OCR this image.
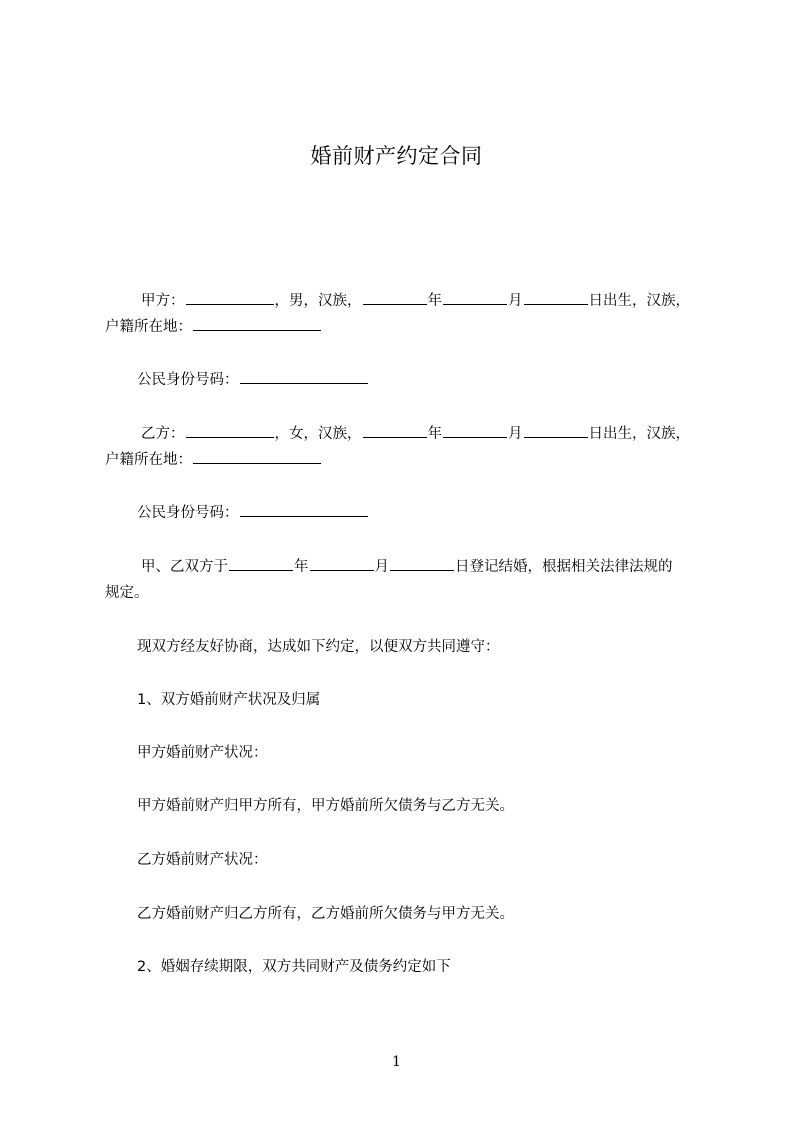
婚前财产约定合同
甲方：	，男，汉族，	年	月	日出生，汉族，
户籍所在地：
公民身份号码：
乙方：	，女，汉族，	年	月	日出生，汉族，
户籍所在地：
公民身份号码：
甲、乙双方于	年	月	日登记结婚，根据相关法律法规的
规定。
现双方经友好协商，达成如下约定，以便双方共同遵守：
1、双方婚前财产状况及归属
甲方婚前财产状况：
甲方婚前财产归甲方所有，甲方婚前所欠债务与乙方无关。
乙方婚前财产状况：
乙方婚前财产归乙方所有，乙方婚前所欠债务与甲方无关。
2、婚姻存续期限，双方共同财产及债务约定如下
1
